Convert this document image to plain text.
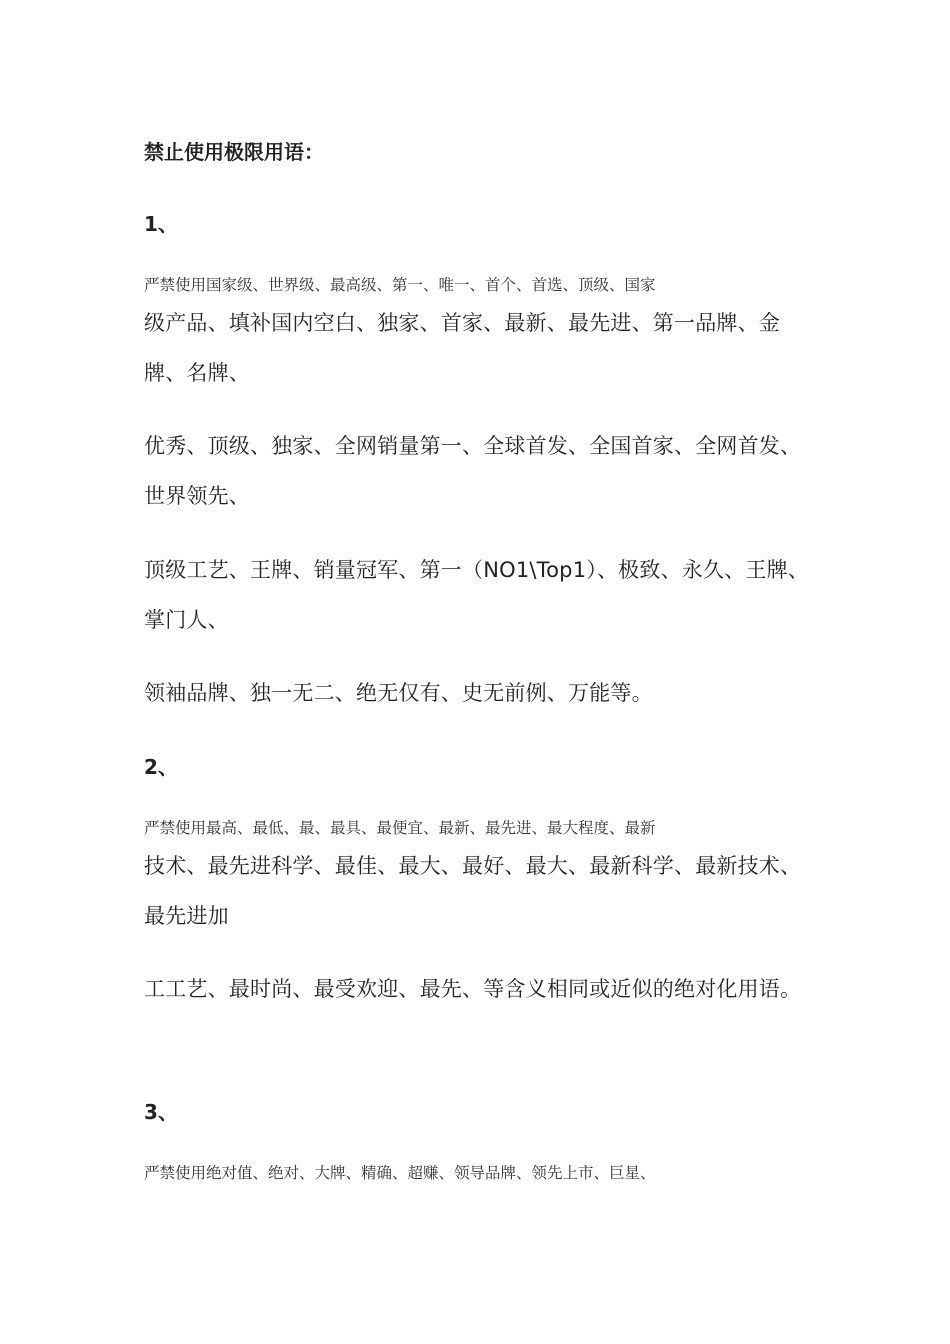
禁止使用极限用语：
1、
严禁使用国家级、世界级、最高级、第一、唯一、首个、首选、顶级、国家
级产品、填补国内空白、独家、首家、最新、最先进、第一品牌、金牌、名牌、
优秀、顶级、独家、全网销量第一、全球首发、全国首家、全网首发、世界领先、
顶级工艺、王牌、销量冠军、第一（NO1\Top1）、极致、永久、王牌、掌门人、
领袖品牌、独一无二、绝无仅有、史无前例、万能等。
2、
严禁使用最高、最低、最、最具、最便宜、最新、最先进、最大程度、最新
技术、最先进科学、最佳、最大、最好、最大、最新科学、最新技术、最先进加
工工艺、最时尚、最受欢迎、最先、等含义相同或近似的绝对化用语。
3、
严禁使用绝对值、绝对、大牌、精确、超赚、领导品牌、领先上市、巨星、
